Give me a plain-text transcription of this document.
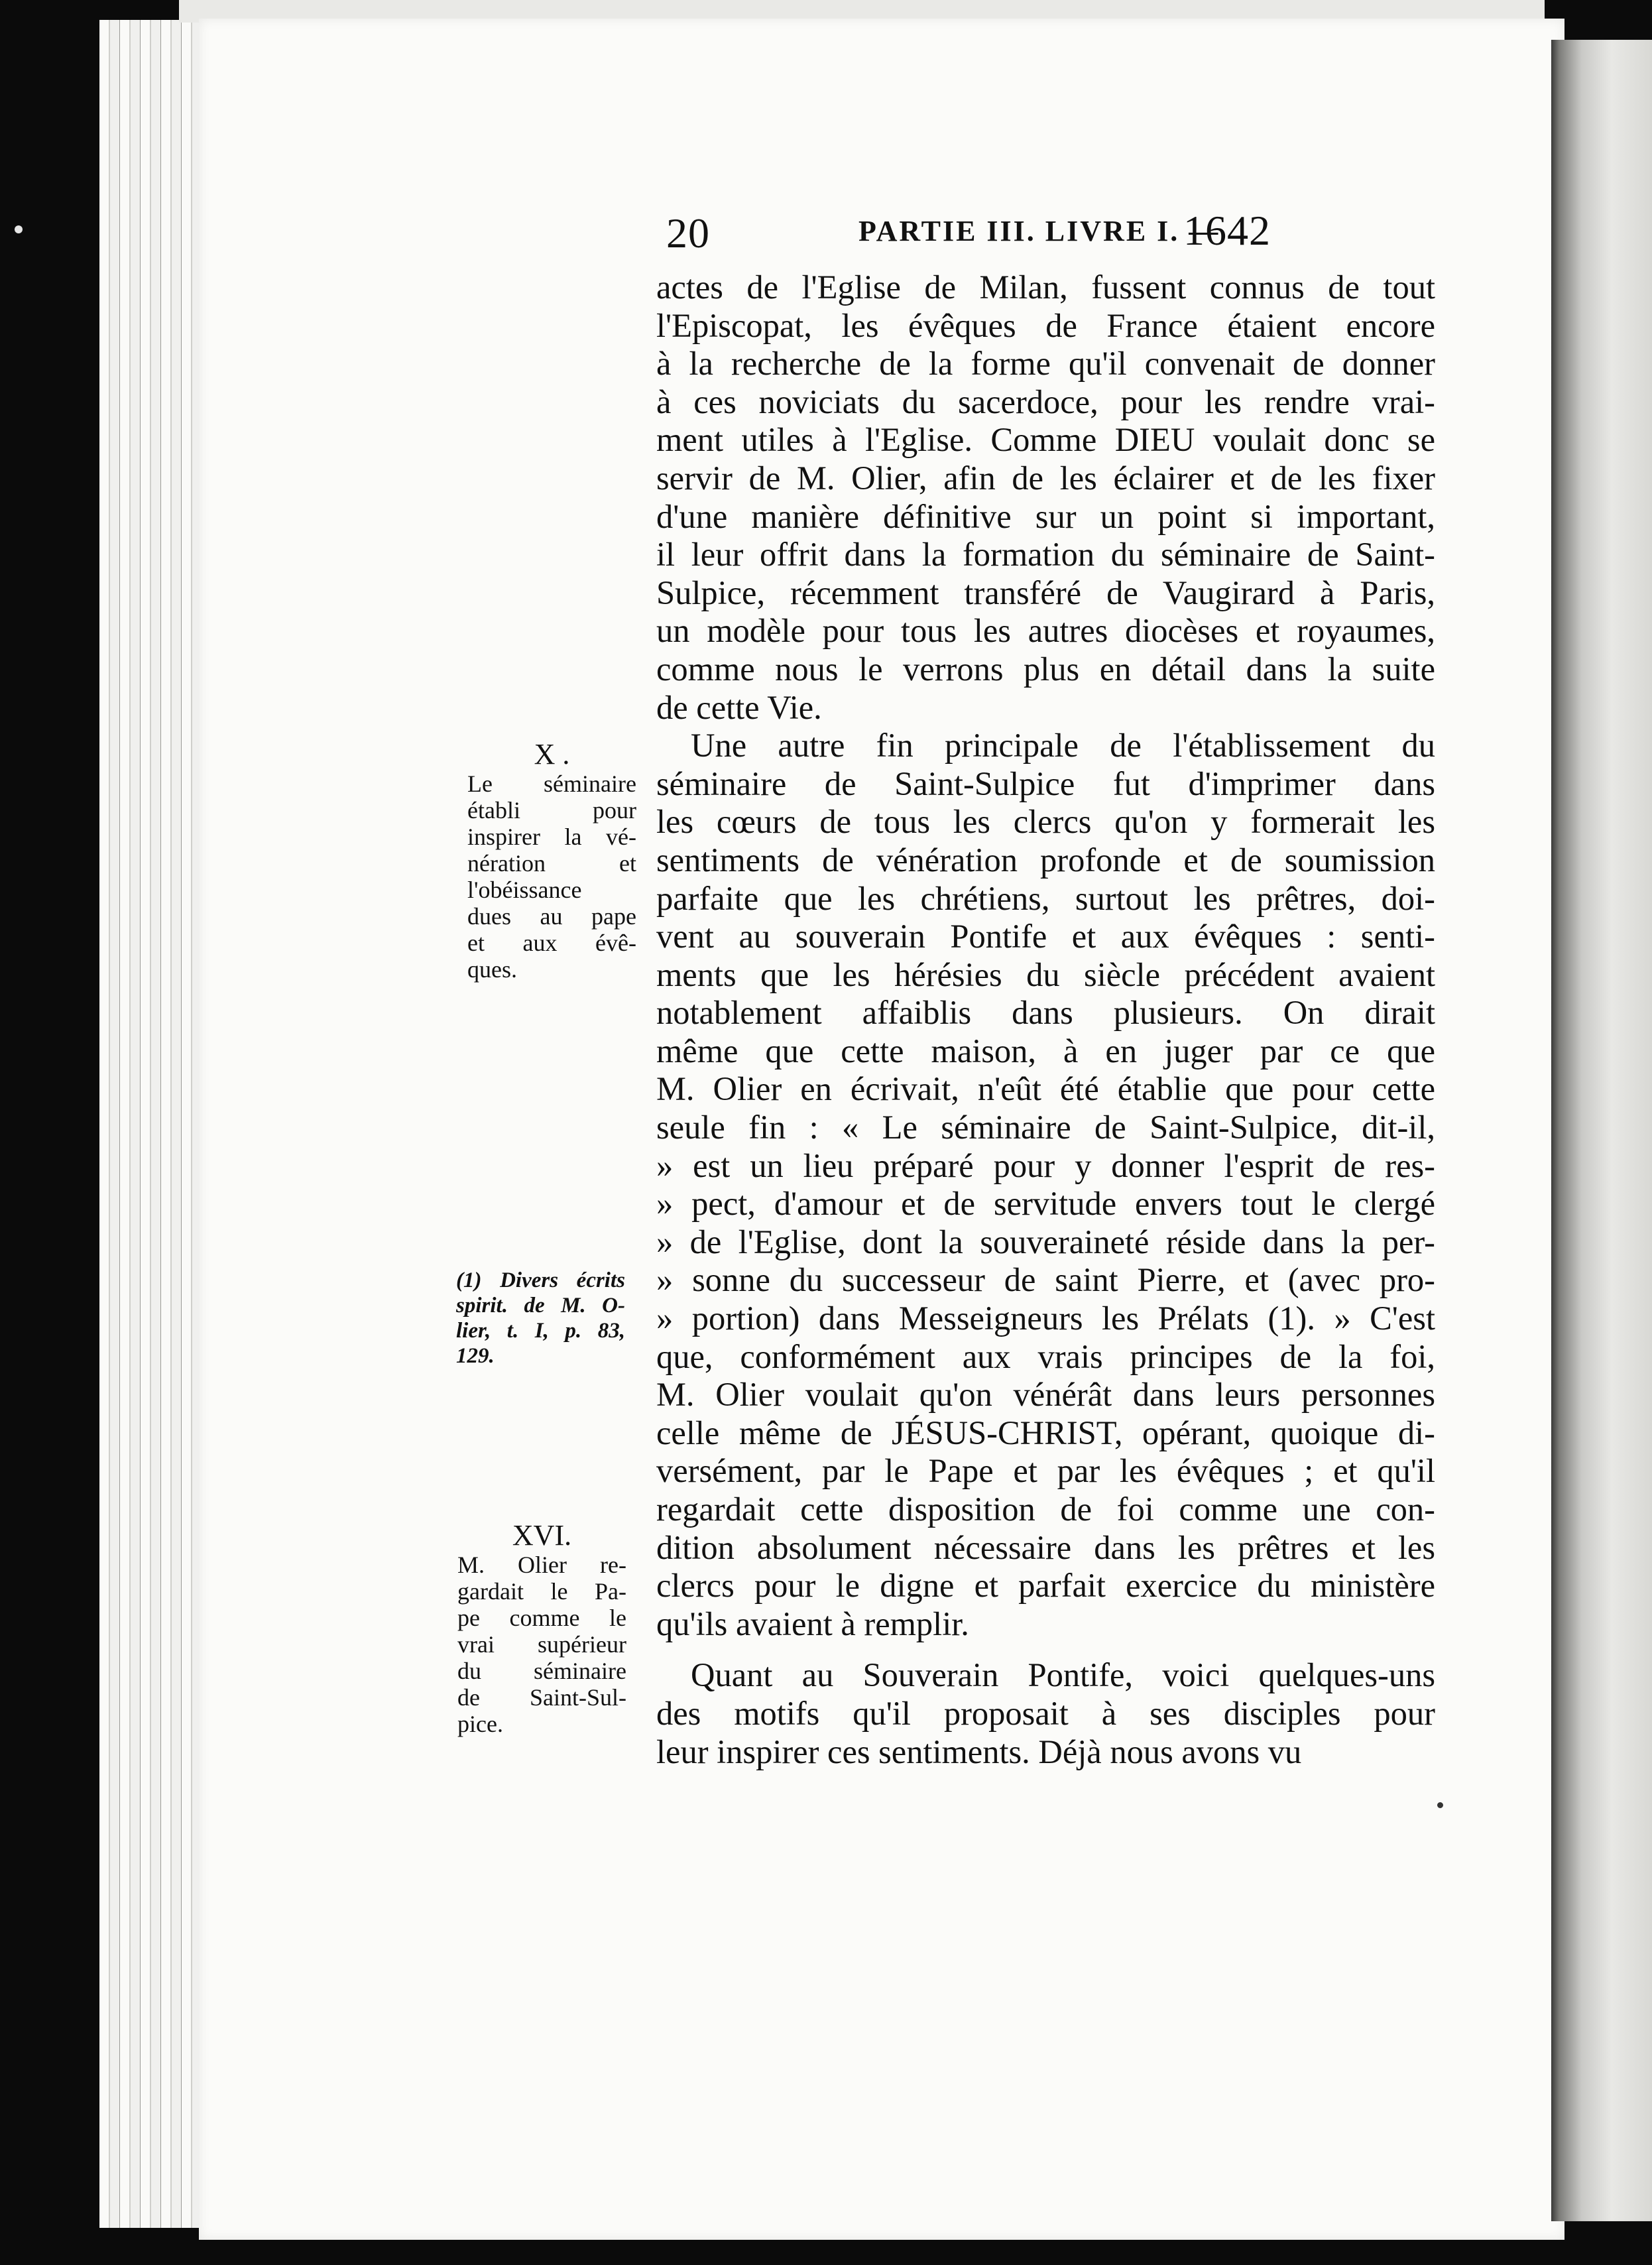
20	PARTIE III. LIVRE I. —
1642
actes de l'Eglise de Milan, fussent connus de tout
l'Episcopat, les évêques de France étaient encore
à la recherche de la forme qu'il convenait de donner
à ces noviciats du sacerdoce, pour les rendre vrai-
ment utiles à l'Eglise. Comme DIEU voulait donc se
servir de M. Olier, afin de les éclairer et de les fixer
d'une manière définitive sur un point si important,
il leur offrit dans la formation du séminaire de Saint-
Sulpice, récemment transféré de Vaugirard à Paris,
un modèle pour tous les autres diocèses et royaumes,
comme nous le verrons plus en détail dans la suite
de cette Vie.
Une autre fin principale de l'établissement du
séminaire de Saint-Sulpice fut d'imprimer dans
les cœurs de tous les clercs qu'on y formerait les
sentiments de vénération profonde et de soumission
parfaite que les chrétiens, surtout les prêtres, doi-
vent au souverain Pontife et aux évêques : senti-
ments que les hérésies du siècle précédent avaient
notablement affaiblis dans plusieurs. On dirait
même que cette maison, à en juger par ce que
M. Olier en écrivait, n'eût été établie que pour cette
seule fin : « Le séminaire de Saint-Sulpice, dit-il,
» est un lieu préparé pour y donner l'esprit de res-
» pect, d'amour et de servitude envers tout le clergé
» de l'Eglise, dont la souveraineté réside dans la per-
» sonne du successeur de saint Pierre, et (avec pro-
» portion) dans Messeigneurs les Prélats (1). » C'est
que, conformément aux vrais principes de la foi,
M. Olier voulait qu'on vénérât dans leurs personnes
celle même de JÉSUS-CHRIST, opérant, quoique di-
versément, par le Pape et par les évêques ; et qu'il
regardait cette disposition de foi comme une con-
dition absolument nécessaire dans les prêtres et les
clercs pour le digne et parfait exercice du ministère
qu'ils avaient à remplir.
Quant au Souverain Pontife, voici quelques-uns
des motifs qu'il proposait à ses disciples pour
leur inspirer ces sentiments. Déjà nous avons vu
X .
Le séminaire
établi pour
inspirer la vé-
nération et
l'obéissance
dues au pape
et aux évê-
ques.
(1) Divers écrits
spirit. de M. O-
lier, t. I, p. 83,
129.
XVI.
M. Olier re-
gardait le Pa-
pe comme le
vrai supérieur
du séminaire
de Saint-Sul-
pice.
